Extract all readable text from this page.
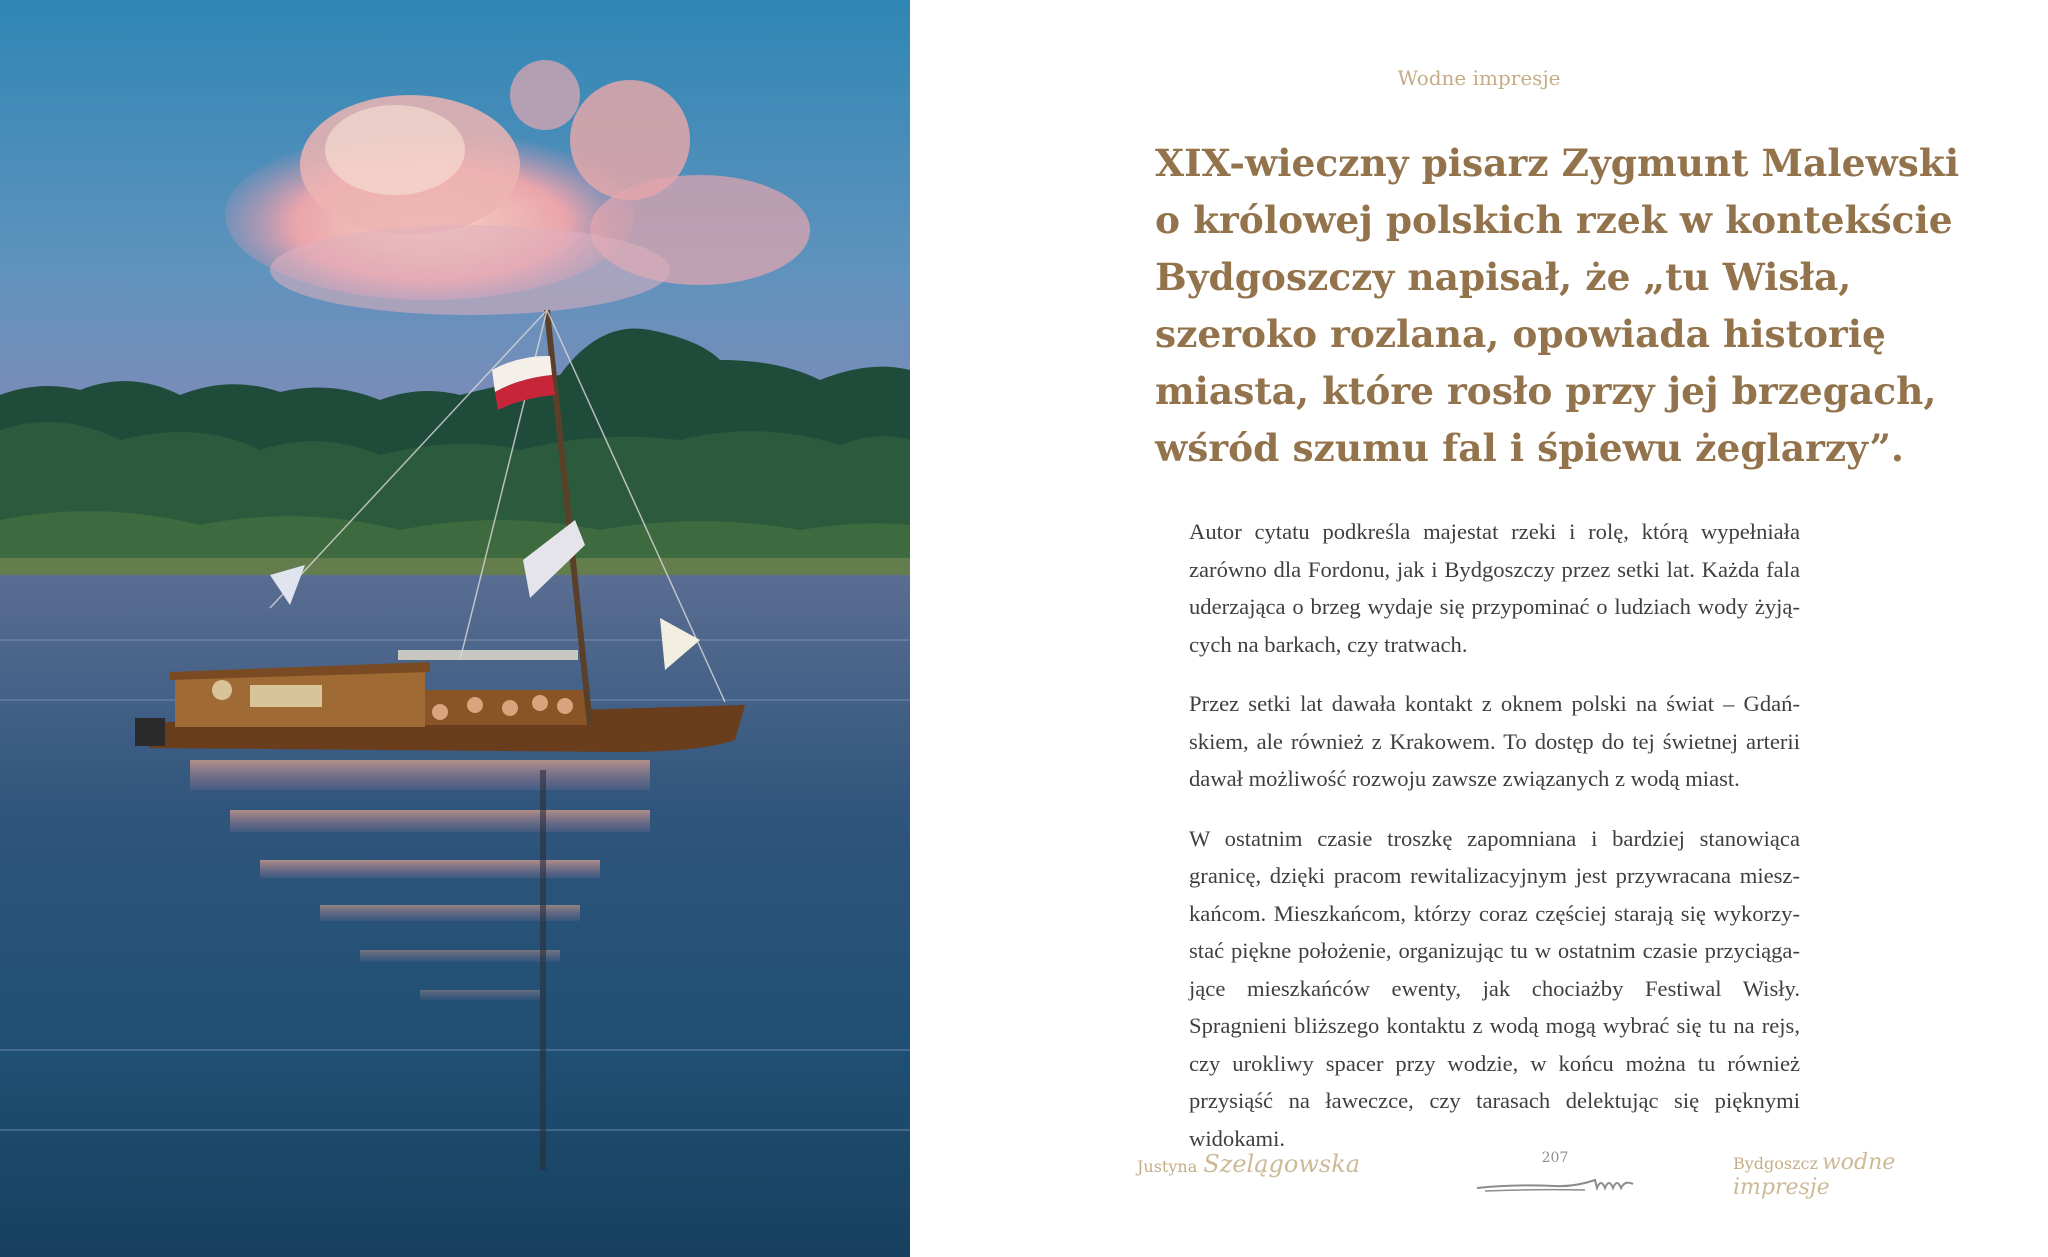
Wodne impresje
XIX-wieczny pisarz Zygmunt Malewski
o królowej polskich rzek w kontekście
Bydgoszczy napisał, że „tu Wisła,
szeroko rozlana, opowiada historię
miasta, które rosło przy jej brzegach,
wśród szumu fal i śpiewu żeglarzy”.

Autor cytatu podkreśla majestat rzeki i rolę, którą wypełniała zarówno dla Fordonu, jak i Bydgoszczy przez setki lat. Każda fala uderzająca o brzeg wydaje się przypominać o ludziach wody żyjących na barkach, czy tratwach.

Przez setki lat dawała kontakt z oknem polski na świat – Gdańskiem, ale również z Krakowem. To dostęp do tej świetnej arterii dawał możliwość rozwoju zawsze związanych z wodą miast.

W ostatnim czasie troszkę zapomniana i bardziej stanowiąca granicę, dzięki pracom rewitalizacyjnym jest przywracana mieszkańcom. Mieszkańcom, którzy coraz częściej starają się wykorzystać piękne położenie, organizując tu w ostatnim czasie przyciągające mieszkańców ewenty, jak chociażby Festiwal Wisły. Spragnieni bliższego kontaktu z wodą mogą wybrać się tu na rejs, czy urokliwy spacer przy wodzie, w końcu można tu również przysiąść na ławeczce, czy tarasach delektując się pięknymi widokami.

Justyna Szelągowska	207	Bydgoszcz wodne impresje
